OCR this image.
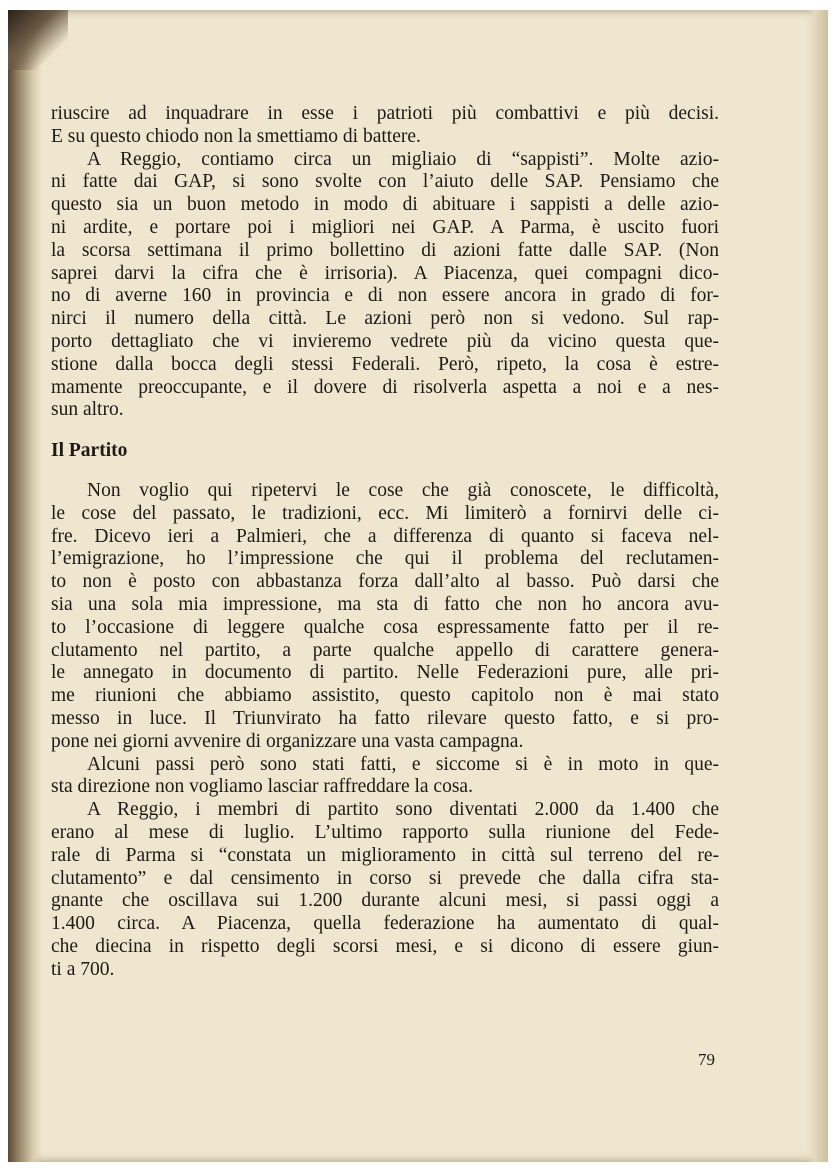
riuscire ad inquadrare in esse i patrioti più combattivi e più decisi.
E su questo chiodo non la smettiamo di battere.

A Reggio, contiamo circa un migliaio di “sappisti”. Molte azio-
ni fatte dai GAP, si sono svolte con l’aiuto delle SAP. Pensiamo che
questo sia un buon metodo in modo di abituare i sappisti a delle azio-
ni ardite, e portare poi i migliori nei GAP. A Parma, è uscito fuori
la scorsa settimana il primo bollettino di azioni fatte dalle SAP. (Non
saprei darvi la cifra che è irrisoria). A Piacenza, quei compagni dico-
no di averne 160 in provincia e di non essere ancora in grado di for-
nirci il numero della città. Le azioni però non si vedono. Sul rap-
porto dettagliato che vi invieremo vedrete più da vicino questa que-
stione dalla bocca degli stessi Federali. Però, ripeto, la cosa è estre-
mamente preoccupante, e il dovere di risolverla aspetta a noi e a nes-
sun altro.

Il Partito

Non voglio qui ripetervi le cose che già conoscete, le difficoltà,
le cose del passato, le tradizioni, ecc. Mi limiterò a fornirvi delle ci-
fre. Dicevo ieri a Palmieri, che a differenza di quanto si faceva nel-
l’emigrazione, ho l’impressione che qui il problema del reclutamen-
to non è posto con abbastanza forza dall’alto al basso. Può darsi che
sia una sola mia impressione, ma sta di fatto che non ho ancora avu-
to l’occasione di leggere qualche cosa espressamente fatto per il re-
clutamento nel partito, a parte qualche appello di carattere genera-
le annegato in documento di partito. Nelle Federazioni pure, alle pri-
me riunioni che abbiamo assistito, questo capitolo non è mai stato
messo in luce. Il Triunvirato ha fatto rilevare questo fatto, e si pro-
pone nei giorni avvenire di organizzare una vasta campagna.

Alcuni passi però sono stati fatti, e siccome si è in moto in que-
sta direzione non vogliamo lasciar raffreddare la cosa.

A Reggio, i membri di partito sono diventati 2.000 da 1.400 che
erano al mese di luglio. L’ultimo rapporto sulla riunione del Fede-
rale di Parma si “constata un miglioramento in città sul terreno del re-
clutamento” e dal censimento in corso si prevede che dalla cifra sta-
gnante che oscillava sui 1.200 durante alcuni mesi, si passi oggi a
1.400 circa. A Piacenza, quella federazione ha aumentato di qual-
che diecina in rispetto degli scorsi mesi, e si dicono di essere giun-
ti a 700.

79
